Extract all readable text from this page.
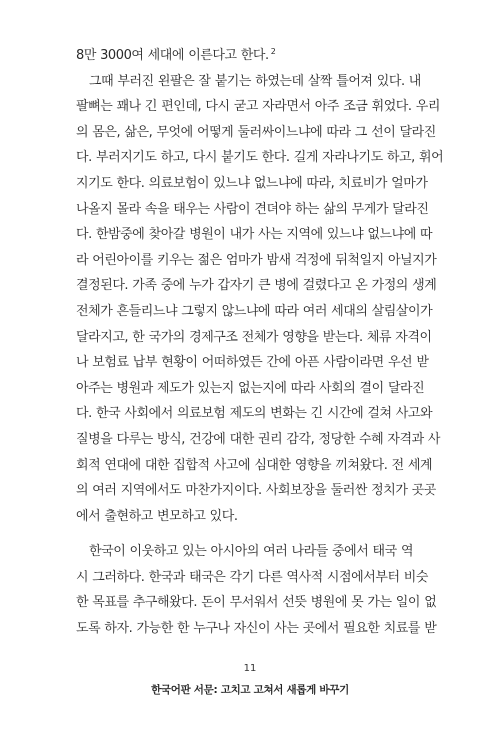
8만 3000여 세대에 이른다고 한다. $^2$

그때 부러진 왼팔은 잘 붙기는 하였는데 살짝 틀어져 있다. 내
팔뼈는 꽤나 긴 편인데, 다시 굳고 자라면서 아주 조금 휘었다. 우리
의 몸은, 삶은, 무엇에 어떻게 둘러싸이느냐에 따라 그 선이 달라진
다. 부러지기도 하고, 다시 붙기도 한다. 길게 자라나기도 하고, 휘어
지기도 한다. 의료보험이 있느냐 없느냐에 따라, 치료비가 얼마가
나올지 몰라 속을 태우는 사람이 견뎌야 하는 삶의 무게가 달라진
다. 한밤중에 찾아갈 병원이 내가 사는 지역에 있느냐 없느냐에 따
라 어린아이를 키우는 젊은 엄마가 밤새 걱정에 뒤척일지 아닐지가
결정된다. 가족 중에 누가 갑자기 큰 병에 걸렸다고 온 가정의 생계
전체가 흔들리느냐 그렇지 않느냐에 따라 여러 세대의 살림살이가
달라지고, 한 국가의 경제구조 전체가 영향을 받는다. 체류 자격이
나 보험료 납부 현황이 어떠하였든 간에 아픈 사람이라면 우선 받
아주는 병원과 제도가 있는지 없는지에 따라 사회의 결이 달라진
다. 한국 사회에서 의료보험 제도의 변화는 긴 시간에 걸쳐 사고와
질병을 다루는 방식, 건강에 대한 권리 감각, 정당한 수혜 자격과 사
회적 연대에 대한 집합적 사고에 심대한 영향을 끼쳐왔다. 전 세계
의 여러 지역에서도 마찬가지이다. 사회보장을 둘러싼 정치가 곳곳
에서 출현하고 변모하고 있다.

한국이 이웃하고 있는 아시아의 여러 나라들 중에서 태국 역
시 그러하다. 한국과 태국은 각기 다른 역사적 시점에서부터 비슷
한 목표를 추구해왔다. 돈이 무서워서 선뜻 병원에 못 가는 일이 없
도록 하자. 가능한 한 누구나 자신이 사는 곳에서 필요한 치료를 받

11
한국어판 서문: 고치고 고쳐서 새롭게 바꾸기
